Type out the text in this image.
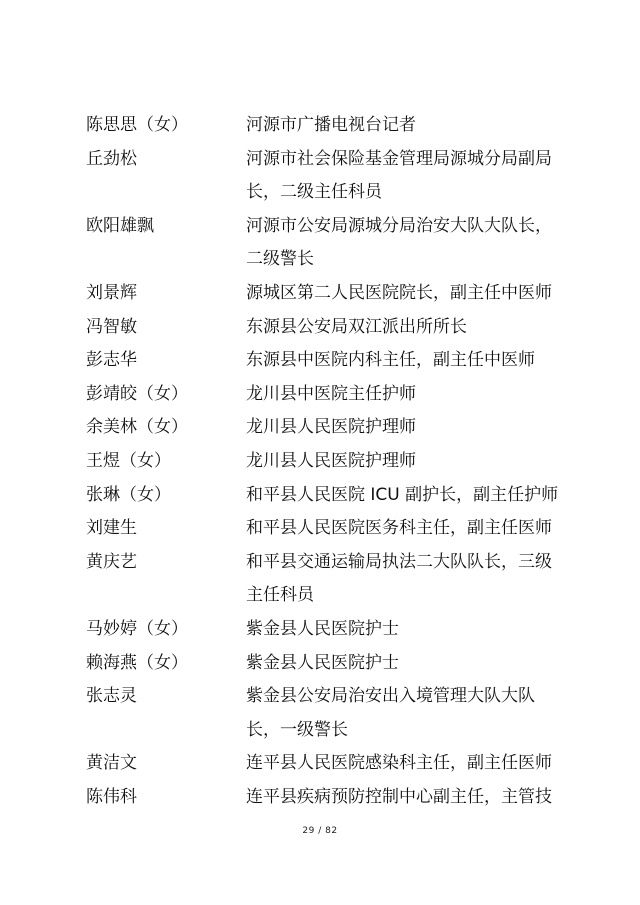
陈思思（女）	河源市广播电视台记者
丘劲松	河源市社会保险基金管理局源城分局副局
长，二级主任科员
欧阳雄飘	河源市公安局源城分局治安大队大队长，
二级警长
刘景辉	源城区第二人民医院院长，副主任中医师
冯智敏	东源县公安局双江派出所所长
彭志华	东源县中医院内科主任，副主任中医师
彭靖皎（女）	龙川县中医院主任护师
余美林（女）	龙川县人民医院护理师
王煜（女）	龙川县人民医院护理师
张琳（女）	和平县人民医院 ICU 副护长，副主任护师
刘建生	和平县人民医院医务科主任，副主任医师
黄庆艺	和平县交通运输局执法二大队队长，三级
主任科员
马妙婷（女）	紫金县人民医院护士
赖海燕（女）	紫金县人民医院护士
张志灵	紫金县公安局治安出入境管理大队大队
长，一级警长
黄洁文	连平县人民医院感染科主任，副主任医师
陈伟科	连平县疾病预防控制中心副主任，主管技
29 / 82
